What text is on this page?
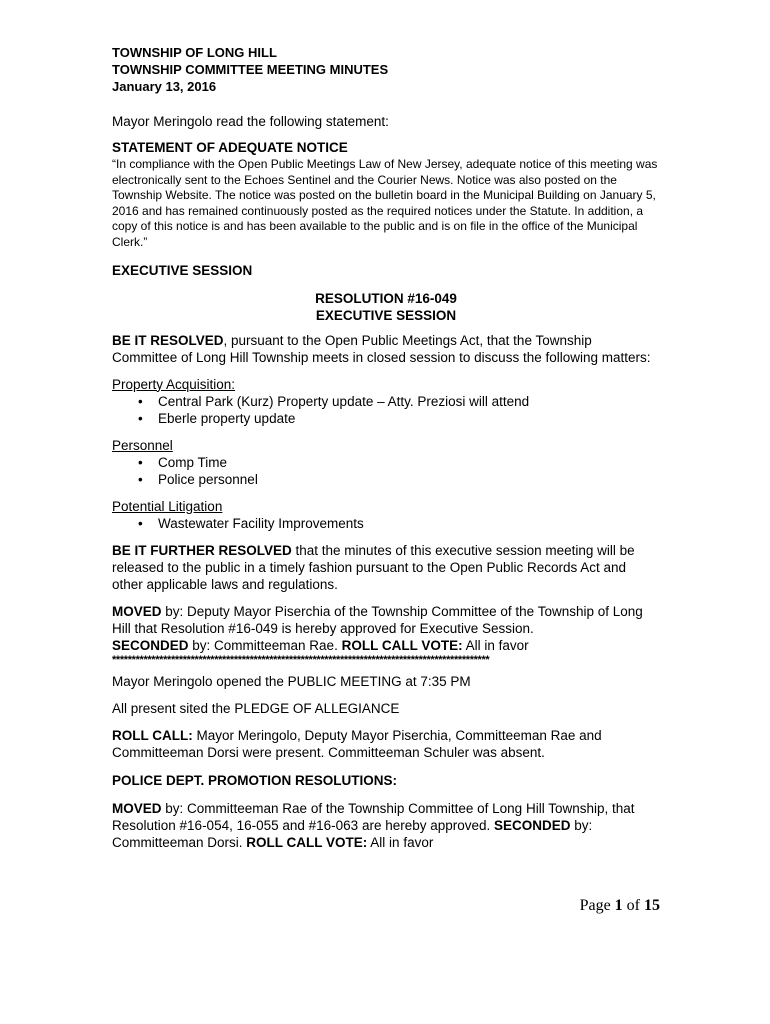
TOWNSHIP OF LONG HILL
TOWNSHIP COMMITTEE MEETING MINUTES
January 13, 2016
Mayor Meringolo read the following statement:
STATEMENT OF ADEQUATE NOTICE
“In compliance with the Open Public Meetings Law of New Jersey, adequate notice of this meeting was electronically sent to the Echoes Sentinel and the Courier News. Notice was also posted on the Township Website. The notice was posted on the bulletin board in the Municipal Building on January 5, 2016 and has remained continuously posted as the required notices under the Statute. In addition, a copy of this notice is and has been available to the public and is on file in the office of the Municipal Clerk.”
EXECUTIVE SESSION
RESOLUTION #16-049
EXECUTIVE SESSION
BE IT RESOLVED, pursuant to the Open Public Meetings Act, that the Township Committee of Long Hill Township meets in closed session to discuss the following matters:
Property Acquisition:
• Central Park (Kurz) Property update – Atty. Preziosi will attend
• Eberle property update
Personnel
• Comp Time
• Police personnel
Potential Litigation
• Wastewater Facility Improvements
BE IT FURTHER RESOLVED that the minutes of this executive session meeting will be released to the public in a timely fashion pursuant to the Open Public Records Act and other applicable laws and regulations.
MOVED by: Deputy Mayor Piserchia of the Township Committee of the Township of Long Hill that Resolution #16-049 is hereby approved for Executive Session.
SECONDED by: Committeeman Rae. ROLL CALL VOTE: All in favor
************************************************************************************************
Mayor Meringolo opened the PUBLIC MEETING at 7:35 PM
All present sited the PLEDGE OF ALLEGIANCE
ROLL CALL: Mayor Meringolo, Deputy Mayor Piserchia, Committeeman Rae and Committeeman Dorsi were present. Committeeman Schuler was absent.
POLICE DEPT. PROMOTION RESOLUTIONS:
MOVED by: Committeeman Rae of the Township Committee of Long Hill Township, that Resolution #16-054, 16-055 and #16-063 are hereby approved. SECONDED by: Committeeman Dorsi. ROLL CALL VOTE: All in favor
Page 1 of 15
